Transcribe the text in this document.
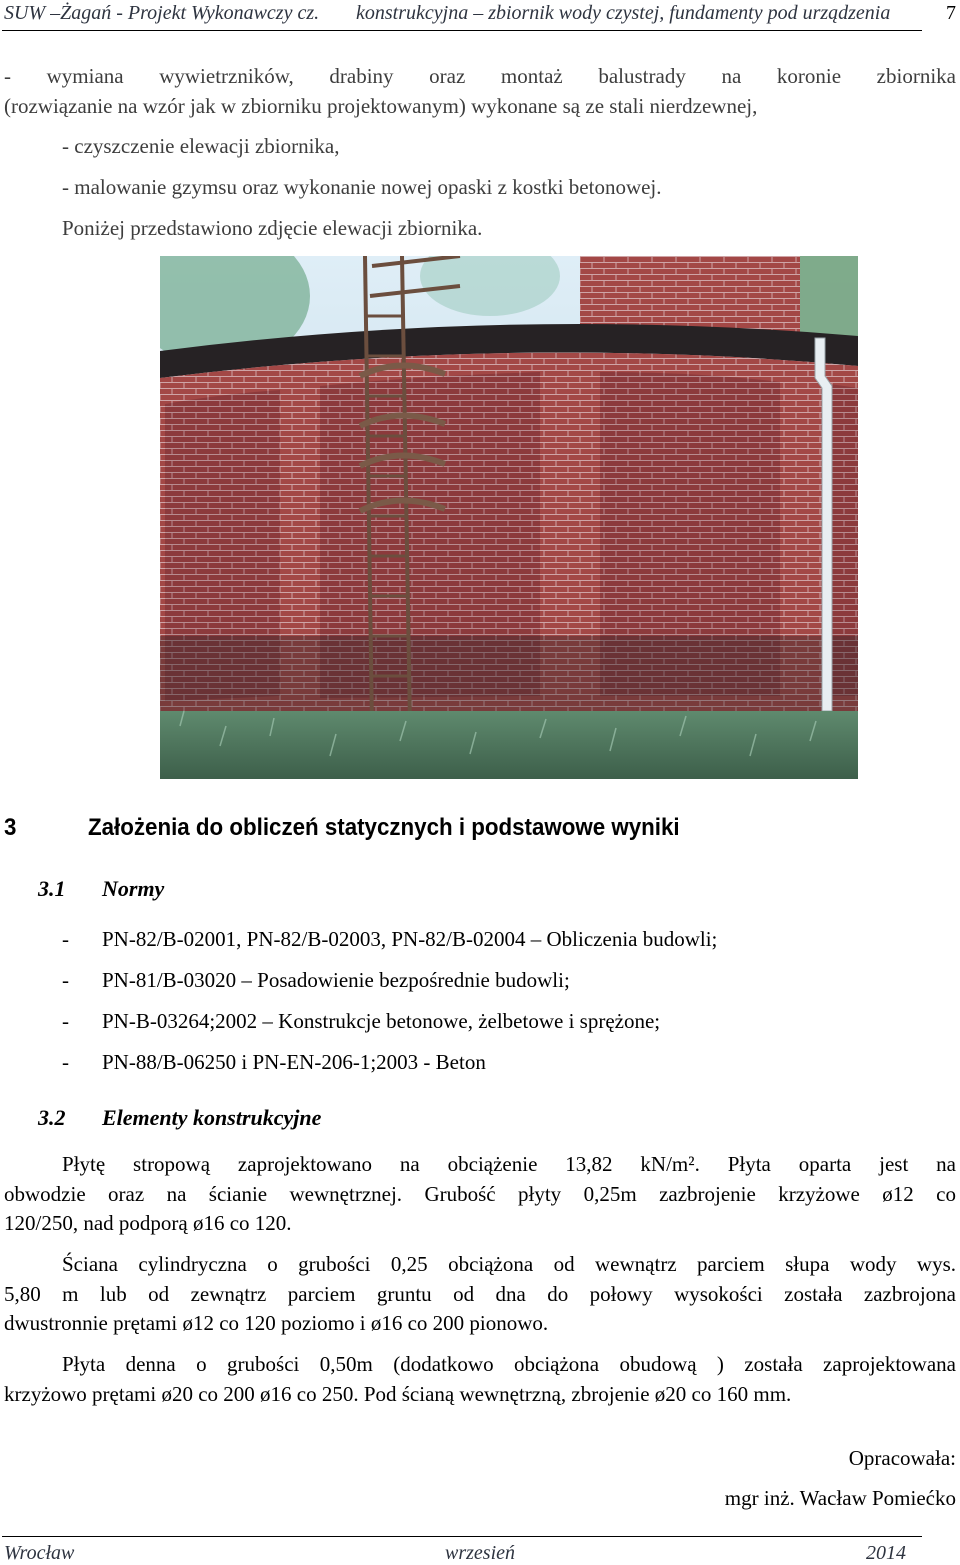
SUW –Żagań - Projekt Wykonawczy cz. konstrukcyjna – zbiornik wody czystej, fundamenty pod urządzenia	7
- wymiana wywietrzników, drabiny oraz montaż balustrady na koronie zbiornika
(rozwiązanie na wzór jak w zbiorniku projektowanym) wykonane są ze stali nierdzewnej,
- czyszczenie elewacji zbiornika,
- malowanie gzymsu oraz wykonanie nowej opaski z kostki betonowej.
Poniżej przedstawiono zdjęcie elewacji zbiornika.
3	Założenia do obliczeń statycznych i podstawowe wyniki
3.1 Normy
- PN-82/B-02001, PN-82/B-02003, PN-82/B-02004 – Obliczenia budowli;
- PN-81/B-03020 – Posadowienie bezpośrednie budowli;
- PN-B-03264;2002 – Konstrukcje betonowe, żelbetowe i sprężone;
- PN-88/B-06250 i PN-EN-206-1;2003 - Beton
3.2 Elementy konstrukcyjne
Płytę stropową zaprojektowano na obciążenie 13,82 kN/m². Płyta oparta jest na
obwodzie oraz na ścianie wewnętrznej. Grubość płyty 0,25m zazbrojenie krzyżowe ø12 co
120/250, nad podporą ø16 co 120.
Ściana cylindryczna o grubości 0,25 obciążona od wewnątrz parciem słupa wody wys.
5,80 m lub od zewnątrz parciem gruntu od dna do połowy wysokości została zazbrojona
dwustronnie prętami ø12 co 120 poziomo i ø16 co 200 pionowo.
Płyta denna o grubości 0,50m (dodatkowo obciążona obudową ) została zaprojektowana
krzyżowo prętami ø20 co 200 ø16 co 250. Pod ścianą wewnętrzną, zbrojenie ø20 co 160 mm.
Opracowała:
mgr inż. Wacław Pomiećko
Wrocław	wrzesień	2014
